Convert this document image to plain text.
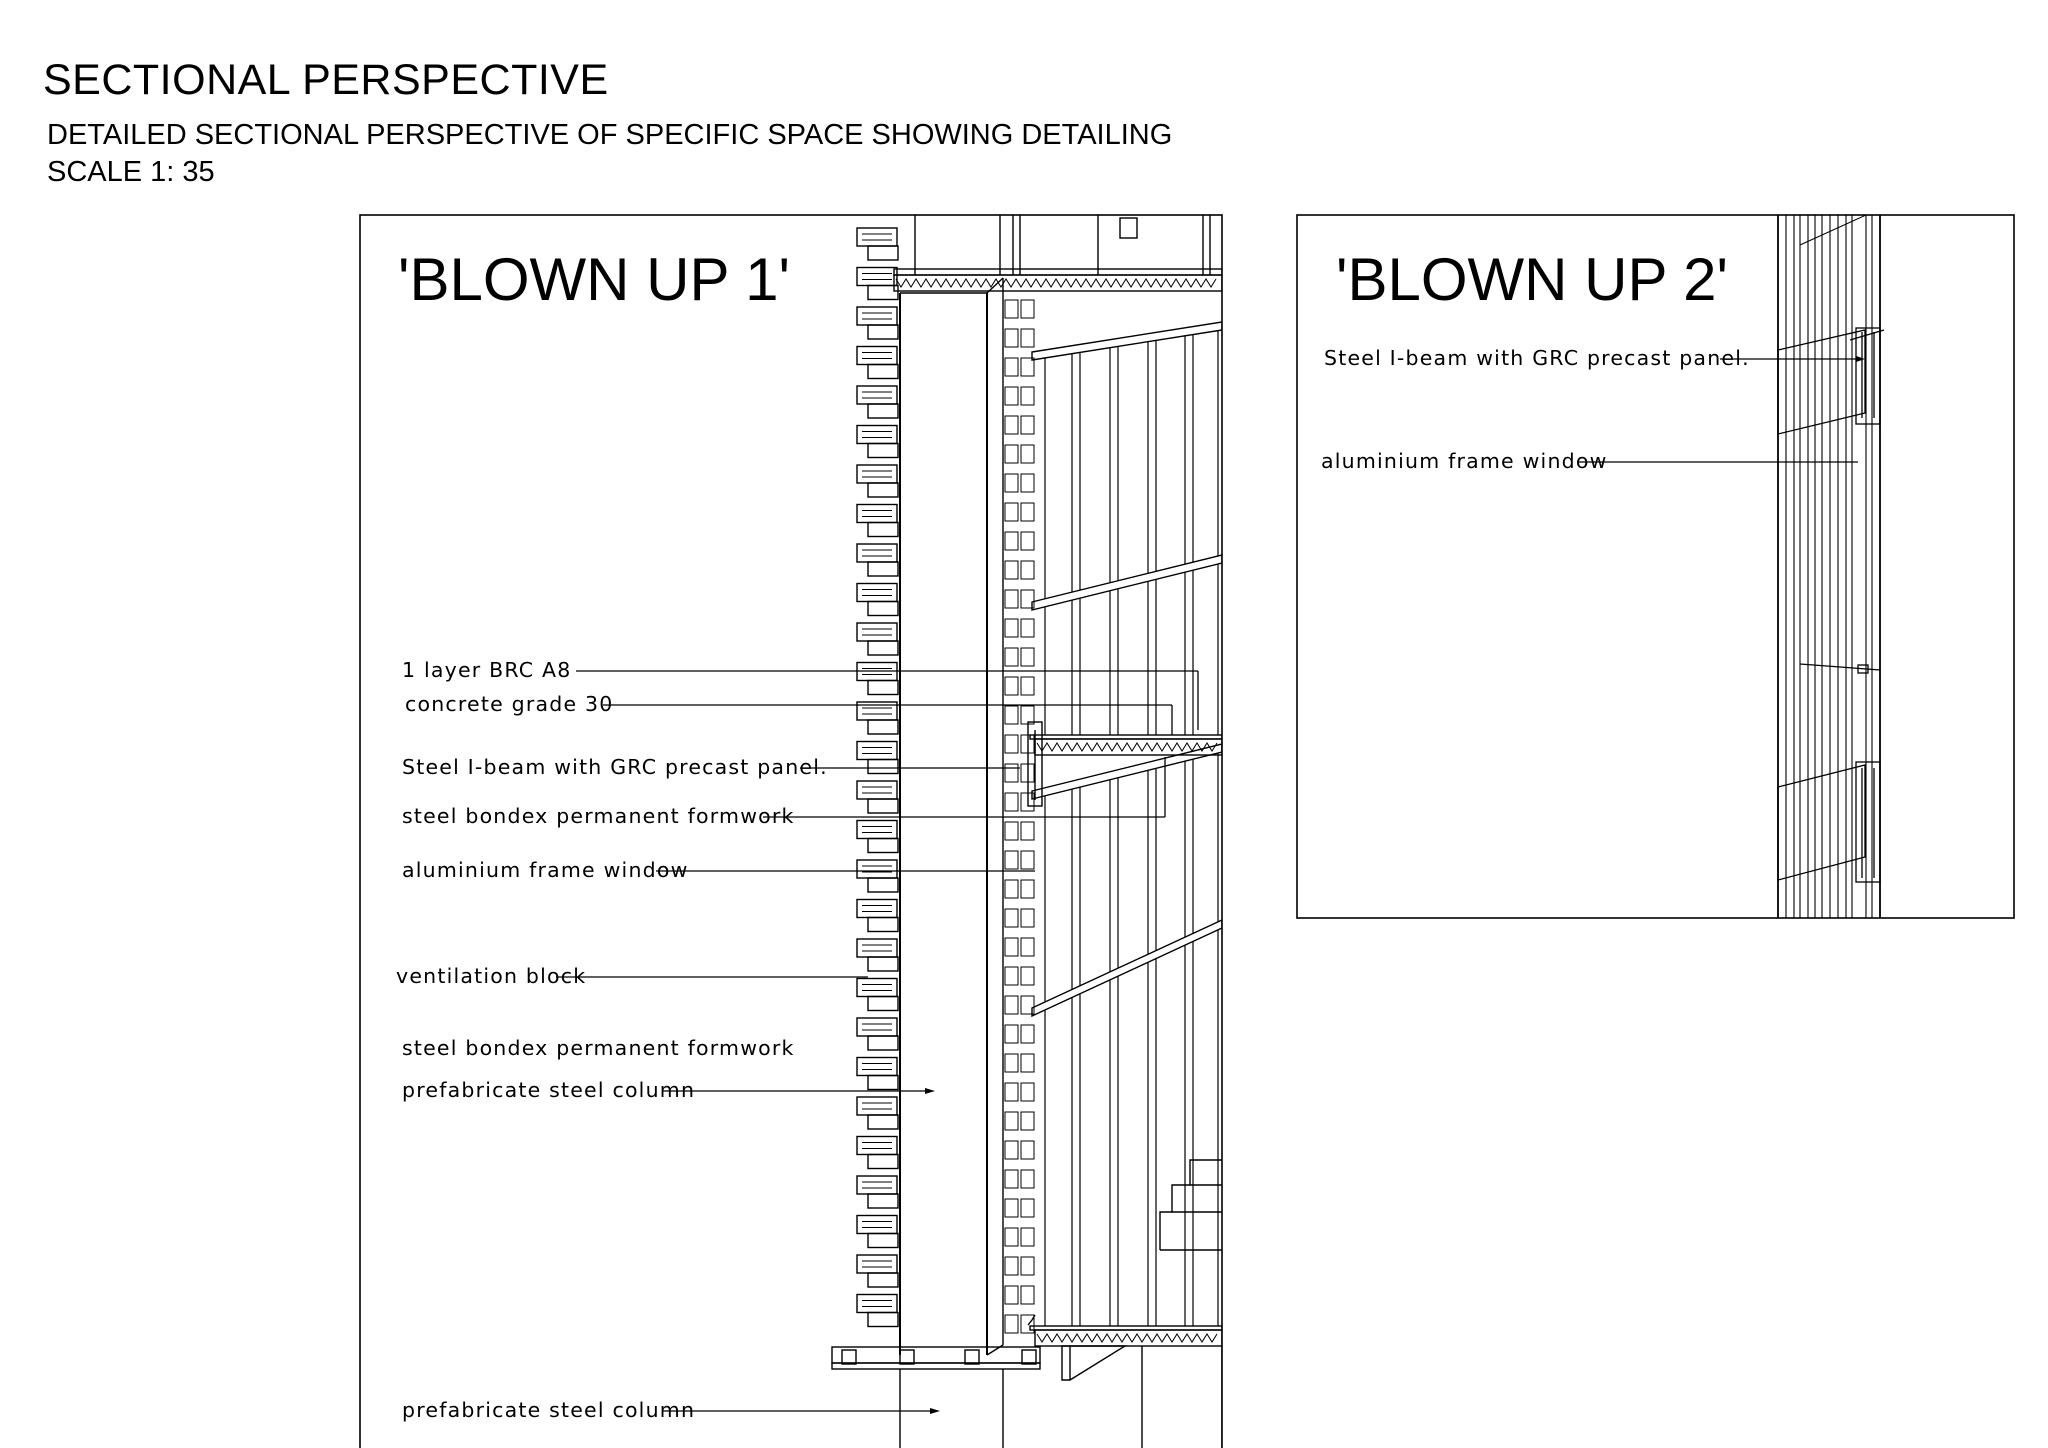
SECTIONAL PERSPECTIVE
DETAILED SECTIONAL PERSPECTIVE OF SPECIFIC SPACE SHOWING DETAILING
SCALE 1: 35
'BLOWN UP 1'
1 layer BRC A8
concrete grade 30
Steel I-beam with GRC precast panel.
steel bondex permanent formwork
aluminium frame window
ventilation block
steel bondex permanent formwork
prefabricate steel column
prefabricate steel column
'BLOWN UP 2'
Steel I-beam with GRC precast panel.
aluminium frame window
